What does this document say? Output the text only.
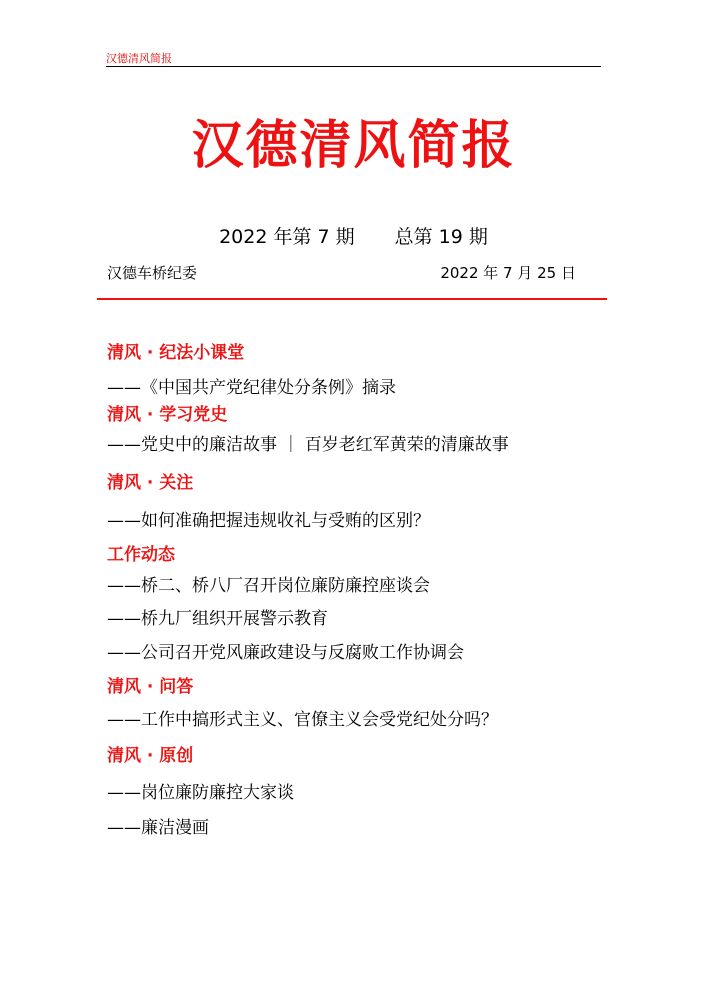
汉德清风简报
汉德清风简报
2022 年第 7 期 总第 19 期
汉德车桥纪委	2022 年 7 月 25 日
清风 · 纪法小课堂
——《中国共产党纪律处分条例》摘录
清风 · 学习党史
——党史中的廉洁故事 ｜ 百岁老红军黄荣的清廉故事
清风 · 关注
——如何准确把握违规收礼与受贿的区别？
工作动态
——桥二、桥八厂召开岗位廉防廉控座谈会
——桥九厂组织开展警示教育
——公司召开党风廉政建设与反腐败工作协调会
清风 · 问答
——工作中搞形式主义、官僚主义会受党纪处分吗？
清风 · 原创
——岗位廉防廉控大家谈
——廉洁漫画
